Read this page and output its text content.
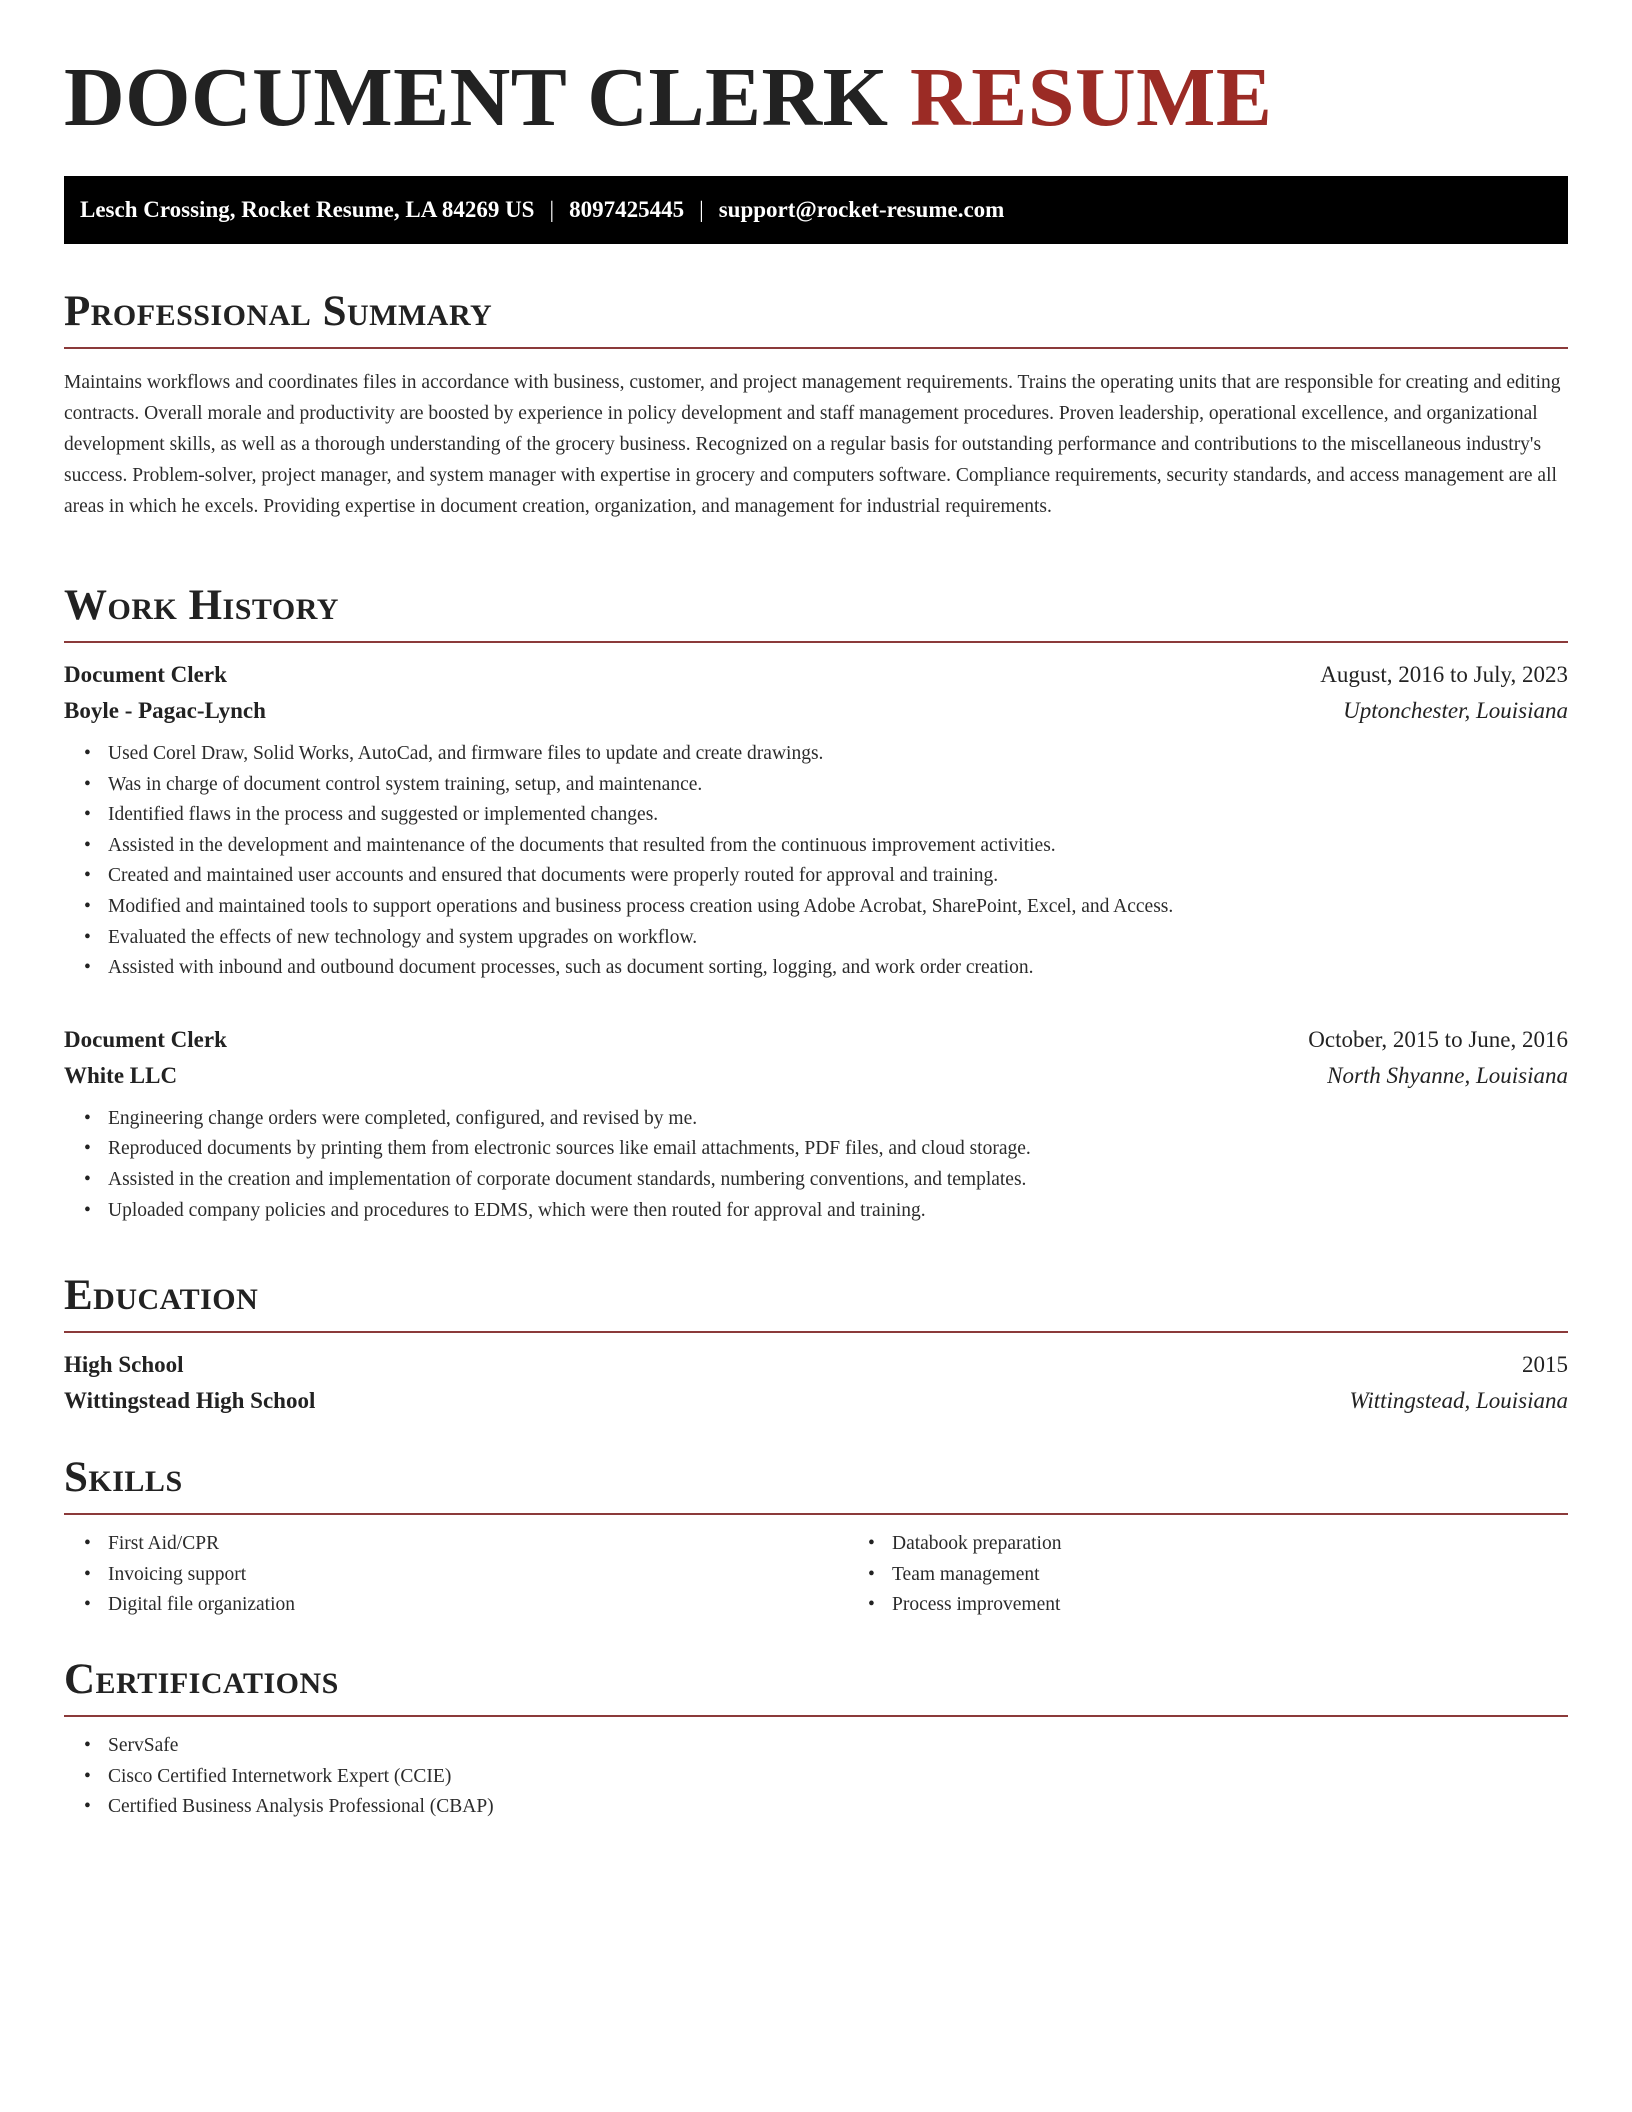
DOCUMENT CLERK RESUME
Lesch Crossing, Rocket Resume, LA 84269 US | 8097425445 | support@rocket-resume.com
Professional Summary

Maintains workflows and coordinates files in accordance with business, customer, and project management requirements. Trains the operating units that are responsible for creating and editing contracts. Overall morale and productivity are boosted by experience in policy development and staff management procedures. Proven leadership, operational excellence, and organizational development skills, as well as a thorough understanding of the grocery business. Recognized on a regular basis for outstanding performance and contributions to the miscellaneous industry's success. Problem-solver, project manager, and system manager with expertise in grocery and computers software. Compliance requirements, security standards, and access management are all areas in which he excels. Providing expertise in document creation, organization, and management for industrial requirements.

Work History
Document Clerk	August, 2016 to July, 2023
Boyle - Pagac-Lynch	Uptonchester, Louisiana
• Used Corel Draw, Solid Works, AutoCad, and firmware files to update and create drawings.
• Was in charge of document control system training, setup, and maintenance.
• Identified flaws in the process and suggested or implemented changes.
• Assisted in the development and maintenance of the documents that resulted from the continuous improvement activities.
• Created and maintained user accounts and ensured that documents were properly routed for approval and training.
• Modified and maintained tools to support operations and business process creation using Adobe Acrobat, SharePoint, Excel, and Access.
• Evaluated the effects of new technology and system upgrades on workflow.
• Assisted with inbound and outbound document processes, such as document sorting, logging, and work order creation.
Document Clerk	October, 2015 to June, 2016
White LLC	North Shyanne, Louisiana
• Engineering change orders were completed, configured, and revised by me.
• Reproduced documents by printing them from electronic sources like email attachments, PDF files, and cloud storage.
• Assisted in the creation and implementation of corporate document standards, numbering conventions, and templates.
• Uploaded company policies and procedures to EDMS, which were then routed for approval and training.
Education
High School	2015
Wittingstead High School	Wittingstead, Louisiana
Skills
• First Aid/CPR
• Invoicing support
• Digital file organization
• Databook preparation
• Team management
• Process improvement
Certifications
• ServSafe
• Cisco Certified Internetwork Expert (CCIE)
• Certified Business Analysis Professional (CBAP)
